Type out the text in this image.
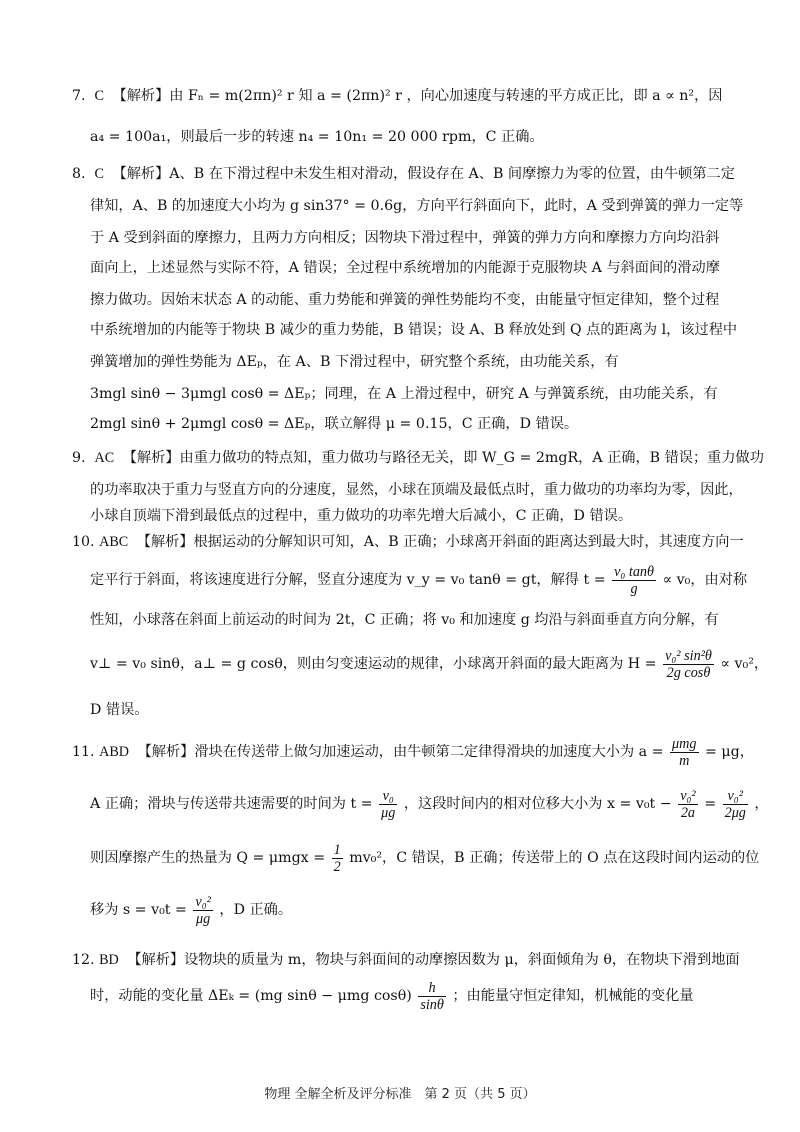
7. C 【解析】由 Fₙ = m(2πn)² r 知 a = (2πn)² r ，向心加速度与转速的平方成正比，即 a ∝ n²，因
a₄ = 100a₁，则最后一步的转速 n₄ = 10n₁ = 20 000 rpm，C 正确。
8. C 【解析】A、B 在下滑过程中未发生相对滑动，假设存在 A、B 间摩擦力为零的位置，由牛顿第二定
律知，A、B 的加速度大小均为 g sin37° = 0.6g，方向平行斜面向下，此时，A 受到弹簧的弹力一定等
于 A 受到斜面的摩擦力，且两力方向相反；因物块下滑过程中，弹簧的弹力方向和摩擦力方向均沿斜
面向上，上述显然与实际不符，A 错误；全过程中系统增加的内能源于克服物块 A 与斜面间的滑动摩
擦力做功。因始末状态 A 的动能、重力势能和弹簧的弹性势能均不变，由能量守恒定律知，整个过程
中系统增加的内能等于物块 B 减少的重力势能，B 错误；设 A、B 释放处到 Q 点的距离为 l，该过程中
弹簧增加的弹性势能为 ΔEₚ，在 A、B 下滑过程中，研究整个系统，由功能关系，有
3mgl sinθ − 3μmgl cosθ = ΔEₚ；同理，在 A 上滑过程中，研究 A 与弹簧系统，由功能关系，有
2mgl sinθ + 2μmgl cosθ = ΔEₚ，联立解得 μ = 0.15，C 正确，D 错误。
9. AC 【解析】由重力做功的特点知，重力做功与路径无关，即 W_G = 2mgR，A 正确，B 错误；重力做功
的功率取决于重力与竖直方向的分速度，显然，小球在顶端及最低点时，重力做功的功率均为零，因此，
小球自顶端下滑到最低点的过程中，重力做功的功率先增大后减小，C 正确，D 错误。
10. ABC 【解析】根据运动的分解知识可知，A、B 正确；小球离开斜面的距离达到最大时，其速度方向一
定平行于斜面，将该速度进行分解，竖直分速度为 v_y = v₀ tanθ = gt，解得 $t = \frac{\text{v₀ tanθ}}{g} \propto v_0$，由对称
性知，小球落在斜面上前运动的时间为 2t，C 正确；将 v₀ 和加速度 g 均沿与斜面垂直方向分解，有
v⊥ = v₀ sinθ，a⊥ = g cosθ，则由匀变速运动的规律，小球离开斜面的最大距离为 $H = \frac{\text{v₀² sin²θ}}{\text{2g cosθ}} \propto v_0^2$，
D 错误。
11. ABD 【解析】滑块在传送带上做匀加速运动，由牛顿第二定律得滑块的加速度大小为 $a = \frac{\text{μmg}}{m} = \mu g$，
A 正确；滑块与传送带共速需要的时间为 $t = \frac{\text{v₀}}{\mu g}$ ，这段时间内的相对位移大小为 $x = v_0t - \frac{\text{v₀²}}{2a} = \frac{\text{v₀²}}{2\mu g}$ ，
则因摩擦产生的热量为 $Q = \mu mgx = \frac{1}{2} mv_0^2$，C 错误，B 正确；传送带上的 O 点在这段时间内运动的位
移为 $s = v_0t = \frac{\text{v₀²}}{\mu g}$ ，D 正确。
12. BD 【解析】设物块的质量为 m，物块与斜面间的动摩擦因数为 μ，斜面倾角为 θ，在物块下滑到地面
时，动能的变化量 ΔEₖ = (mg sinθ − μmg $\cos\theta) \frac{h}{\sin\theta}$ ；由能量守恒定律知，机械能的变化量
物理 全解全析及评分标准　第 2 页（共 5 页）
